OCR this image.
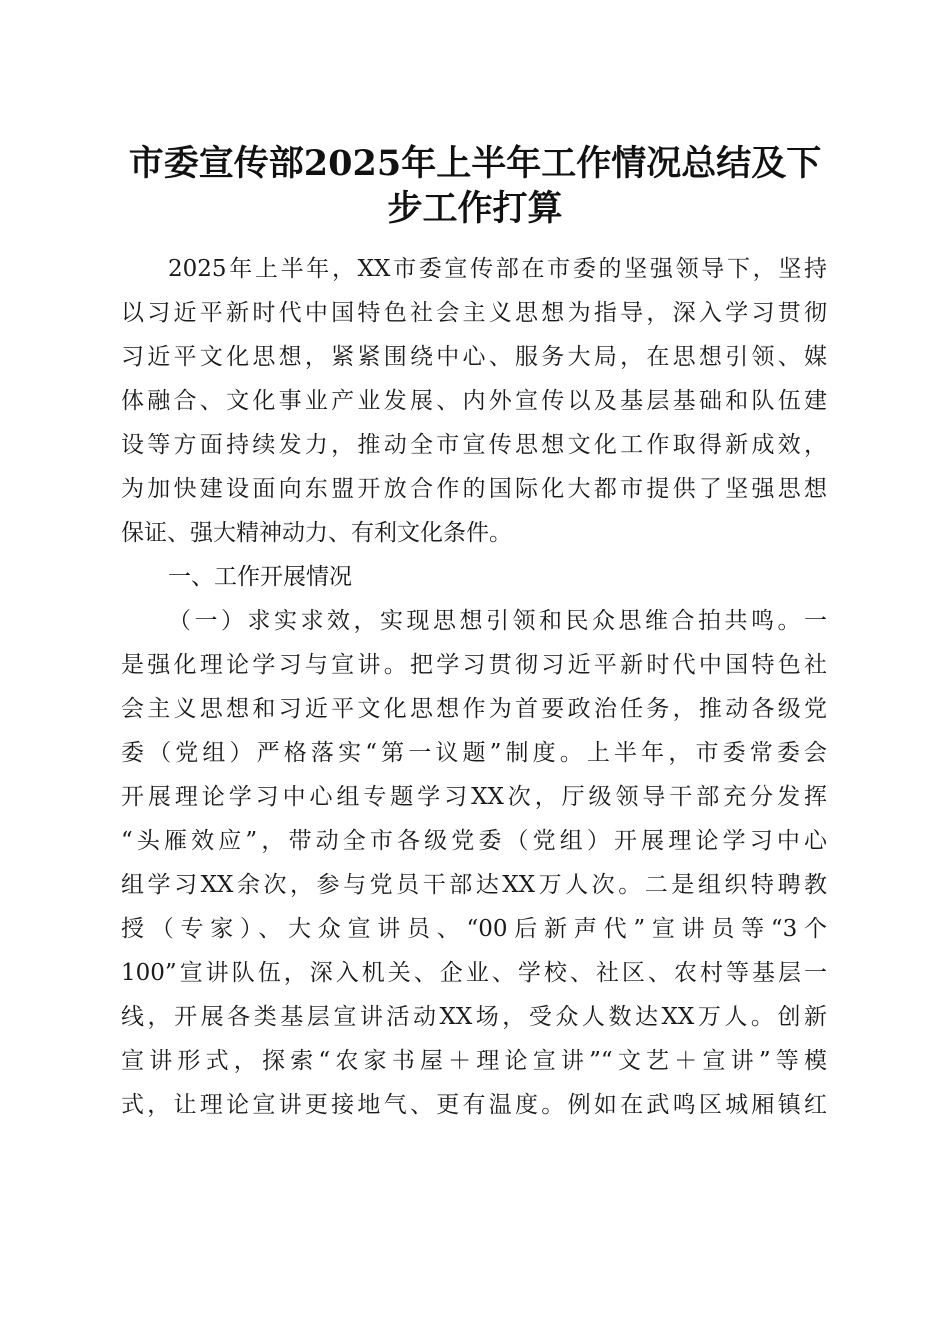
市委宣传部2025年上半年工作情况总结及下
步工作打算
2025年上半年，XX市委宣传部在市委的坚强领导下，坚持
以习近平新时代中国特色社会主义思想为指导，深入学习贯彻
习近平文化思想，紧紧围绕中心、服务大局，在思想引领、媒
体融合、文化事业产业发展、内外宣传以及基层基础和队伍建
设等方面持续发力，推动全市宣传思想文化工作取得新成效，
为加快建设面向东盟开放合作的国际化大都市提供了坚强思想
保证、强大精神动力、有利文化条件。
一、工作开展情况
（一）求实求效，实现思想引领和民众思维合拍共鸣。一
是强化理论学习与宣讲。把学习贯彻习近平新时代中国特色社
会主义思想和习近平文化思想作为首要政治任务，推动各级党
委（党组）严格落实“第一议题”制度。上半年，市委常委会
开展理论学习中心组专题学习XX次，厅级领导干部充分发挥
“头雁效应”，带动全市各级党委（党组）开展理论学习中心
组学习XX余次，参与党员干部达XX万人次。二是组织特聘教
授（专家）、大众宣讲员、“00后新声代”宣讲员等“3个
100”宣讲队伍，深入机关、企业、学校、社区、农村等基层一
线，开展各类基层宣讲活动XX场，受众人数达XX万人。创新
宣讲形式，探索“农家书屋＋理论宣讲”“文艺＋宣讲”等模
式，让理论宣讲更接地气、更有温度。例如在武鸣区城厢镇红
